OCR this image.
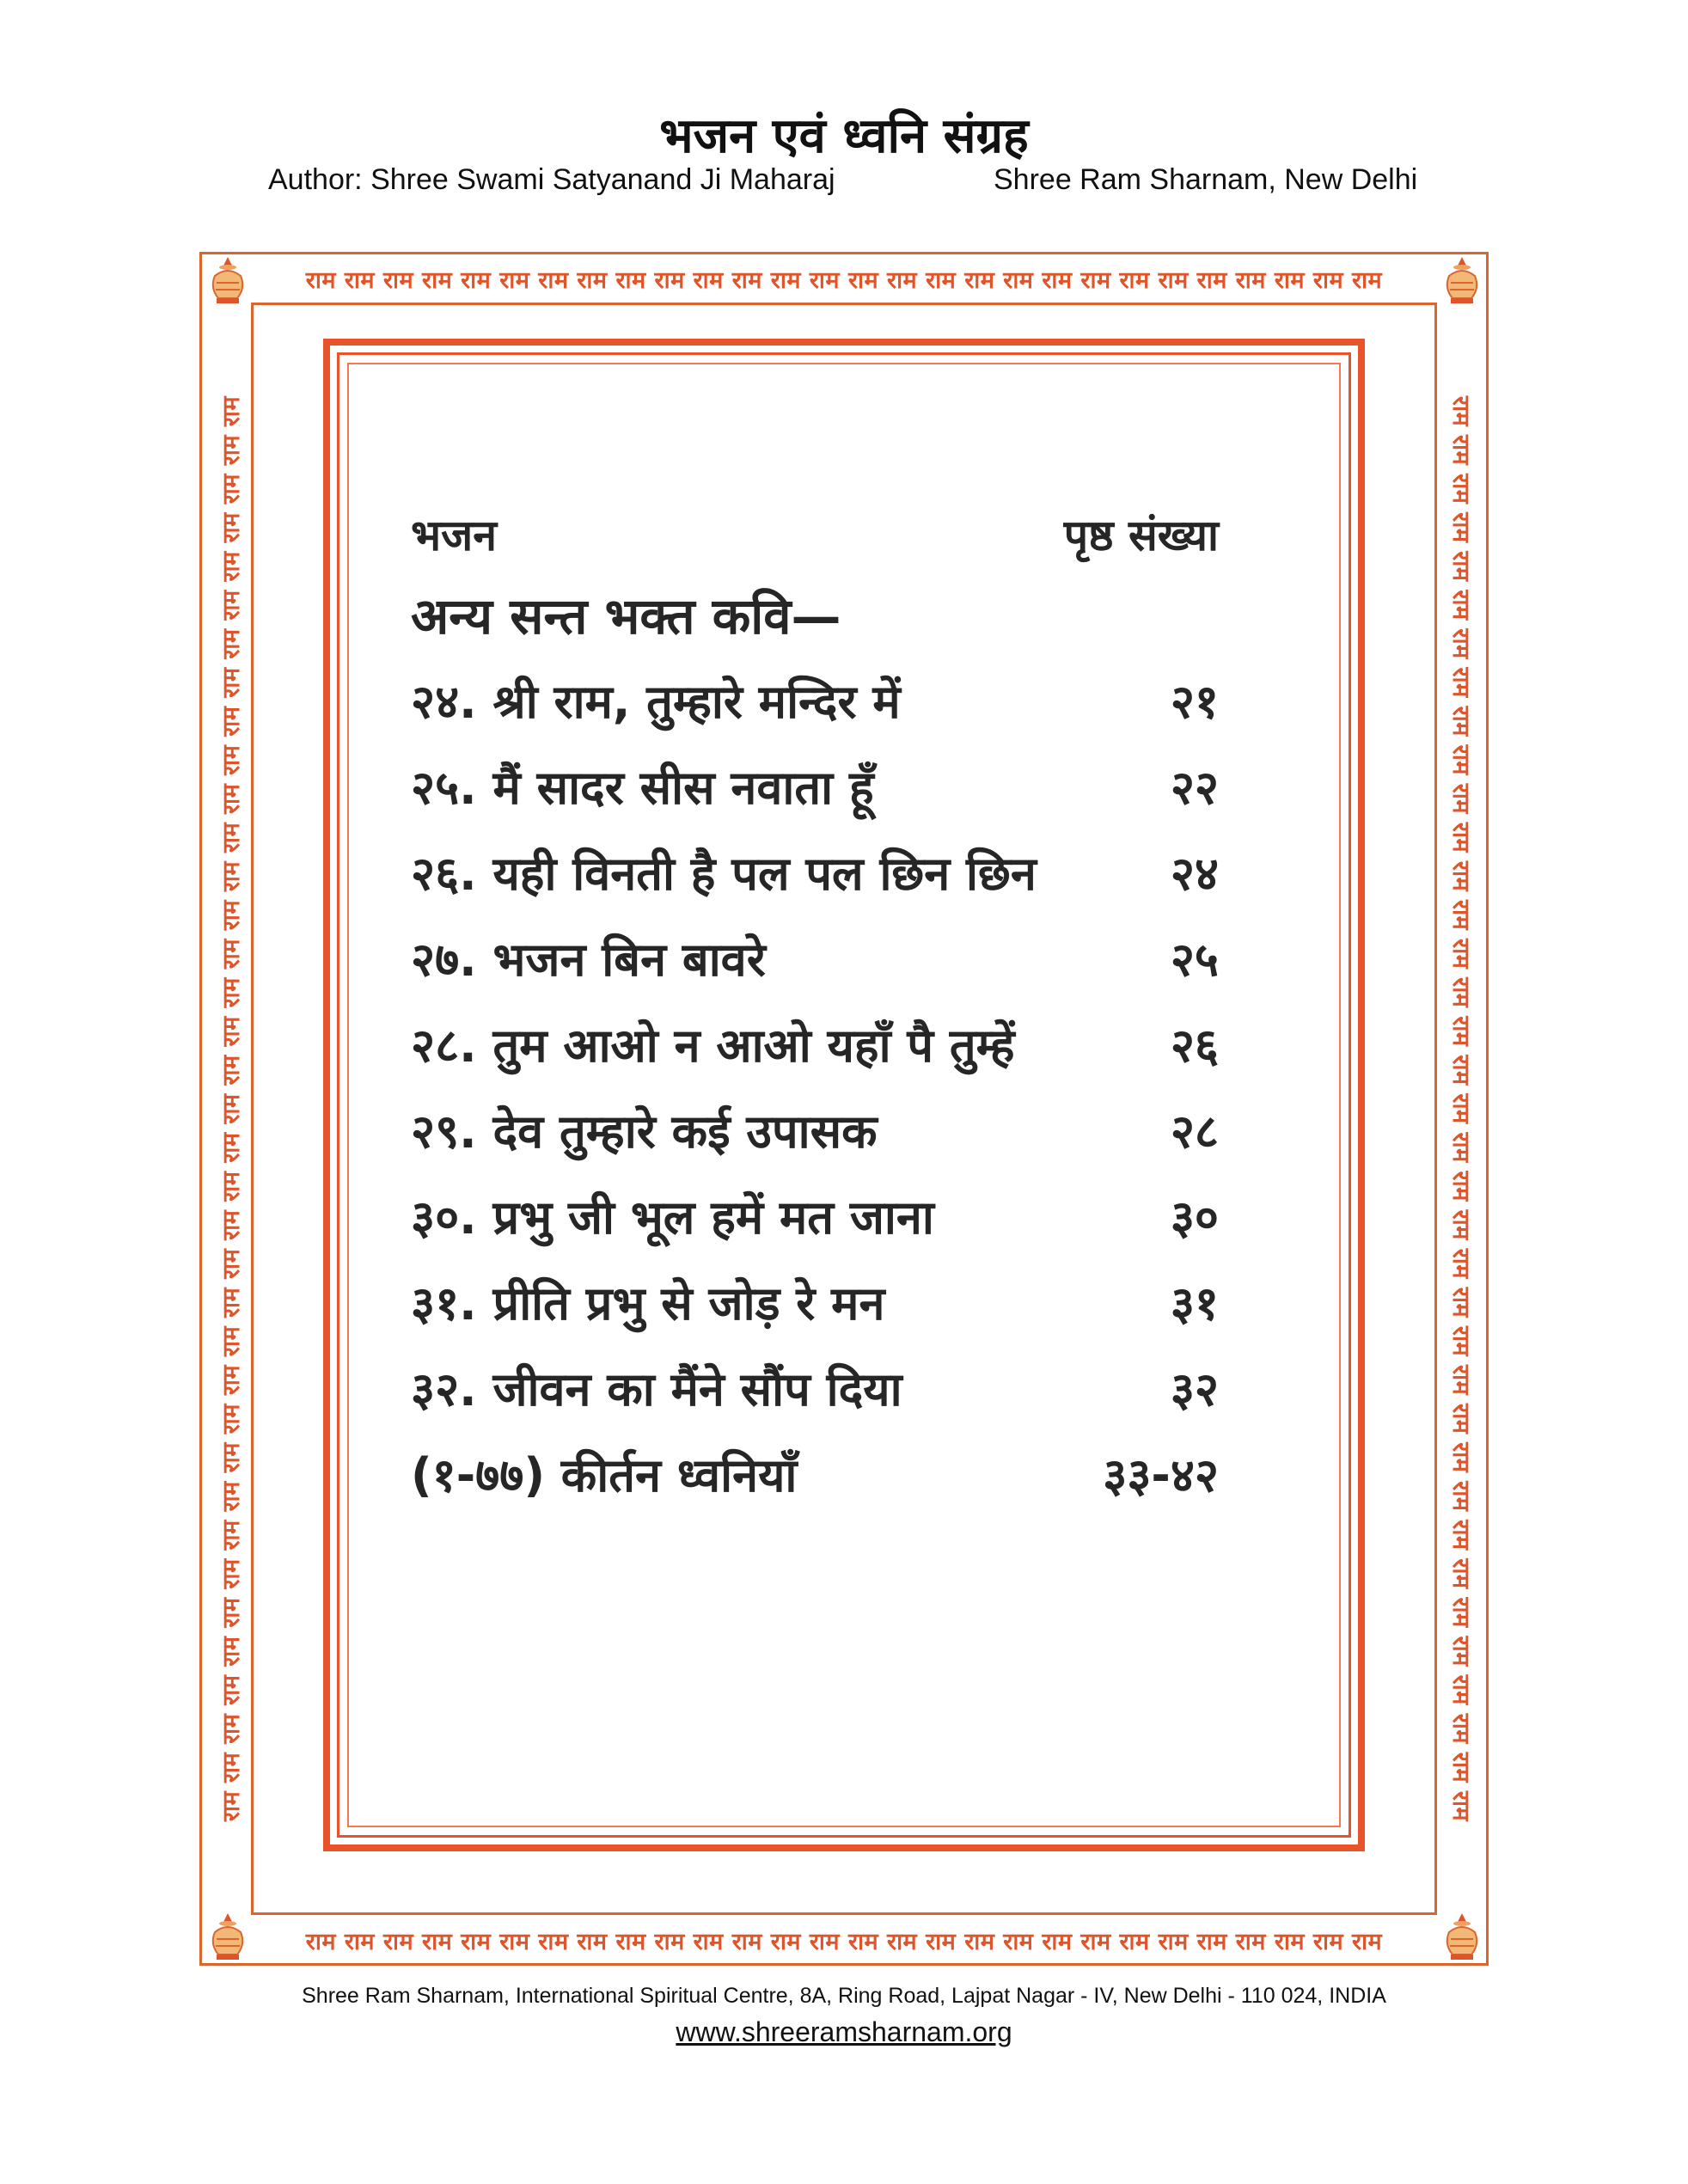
भजन एवं ध्वनि संग्रह
Author: Shree Swami Satyanand Ji Maharaj	Shree Ram Sharnam, New Delhi
राम राम राम राम राम राम राम राम राम राम राम राम राम राम राम राम राम राम राम राम राम राम राम राम राम राम राम राम
राम राम राम राम राम राम राम राम राम राम राम राम राम राम राम राम राम राम राम राम राम राम राम राम राम राम राम राम
राम राम राम राम राम राम राम राम राम राम राम राम राम राम राम राम राम राम राम राम राम राम राम राम राम राम राम राम राम राम राम राम राम राम राम राम राम	राम राम राम राम राम राम राम राम राम राम राम राम राम राम राम राम राम राम राम राम राम राम राम राम राम राम राम राम राम राम राम राम राम राम राम राम राम
भजन	पृष्ठ संख्या
अन्य सन्त भक्त कवि—
२४. श्री राम, तुम्हारे मन्दिर में	२१
२५. मैं सादर सीस नवाता हूँ	२२
२६. यही विनती है पल पल छिन छिन	२४
२७. भजन बिन बावरे	२५
२८. तुम आओ न आओ यहाँ पै तुम्हें	२६
२९. देव तुम्हारे कई उपासक	२८
३०. प्रभु जी भूल हमें मत जाना	३०
३१. प्रीति प्रभु से जोड़ रे मन	३१
३२. जीवन का मैंने सौंप दिया	३२
(१-७७) कीर्तन ध्वनियाँ	३३-४२
Shree Ram Sharnam, International Spiritual Centre, 8A, Ring Road, Lajpat Nagar - IV, New Delhi - 110 024, INDIA
www.shreeramsharnam.org
